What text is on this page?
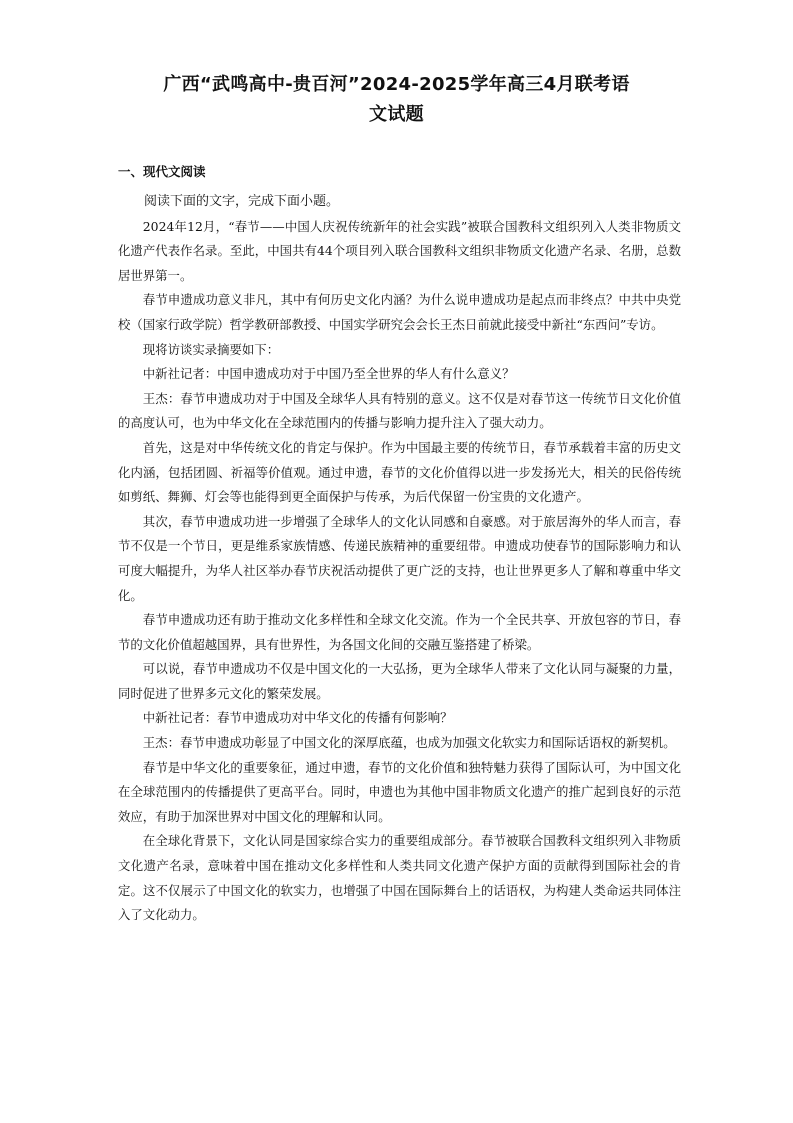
广西“武鸣高中-贵百河”2024-2025学年高三4月联考语
文试题
一、现代文阅读

阅读下面的文字，完成下面小题。

2024年12月，“春节——中国人庆祝传统新年的社会实践”被联合国教科文组织列入人类非物质文化遗产代表作名录。至此，中国共有44个项目列入联合国教科文组织非物质文化遗产名录、名册，总数居世界第一。

春节申遗成功意义非凡，其中有何历史文化内涵？为什么说申遗成功是起点而非终点？中共中央党校（国家行政学院）哲学教研部教授、中国实学研究会会长王杰日前就此接受中新社“东西问”专访。

现将访谈实录摘要如下：

中新社记者：中国申遗成功对于中国乃至全世界的华人有什么意义？

王杰：春节申遗成功对于中国及全球华人具有特别的意义。这不仅是对春节这一传统节日文化价值的高度认可，也为中华文化在全球范围内的传播与影响力提升注入了强大动力。

首先，这是对中华传统文化的肯定与保护。作为中国最主要的传统节日，春节承载着丰富的历史文化内涵，包括团圆、祈福等价值观。通过申遗，春节的文化价值得以进一步发扬光大，相关的民俗传统如剪纸、舞狮、灯会等也能得到更全面保护与传承，为后代保留一份宝贵的文化遗产。

其次，春节申遗成功进一步增强了全球华人的文化认同感和自豪感。对于旅居海外的华人而言，春节不仅是一个节日，更是维系家族情感、传递民族精神的重要纽带。申遗成功使春节的国际影响力和认可度大幅提升，为华人社区举办春节庆祝活动提供了更广泛的支持，也让世界更多人了解和尊重中华文化。

春节申遗成功还有助于推动文化多样性和全球文化交流。作为一个全民共享、开放包容的节日，春节的文化价值超越国界，具有世界性，为各国文化间的交融互鉴搭建了桥梁。

可以说，春节申遗成功不仅是中国文化的一大弘扬，更为全球华人带来了文化认同与凝聚的力量，同时促进了世界多元文化的繁荣发展。

中新社记者：春节申遗成功对中华文化的传播有何影响？

王杰：春节申遗成功彰显了中国文化的深厚底蕴，也成为加强文化软实力和国际话语权的新契机。

春节是中华文化的重要象征，通过申遗，春节的文化价值和独特魅力获得了国际认可，为中国文化在全球范围内的传播提供了更高平台。同时，申遗也为其他中国非物质文化遗产的推广起到良好的示范效应，有助于加深世界对中国文化的理解和认同。

在全球化背景下，文化认同是国家综合实力的重要组成部分。春节被联合国教科文组织列入非物质文化遗产名录，意味着中国在推动文化多样性和人类共同文化遗产保护方面的贡献得到国际社会的肯定。这不仅展示了中国文化的软实力，也增强了中国在国际舞台上的话语权，为构建人类命运共同体注入了文化动力。
